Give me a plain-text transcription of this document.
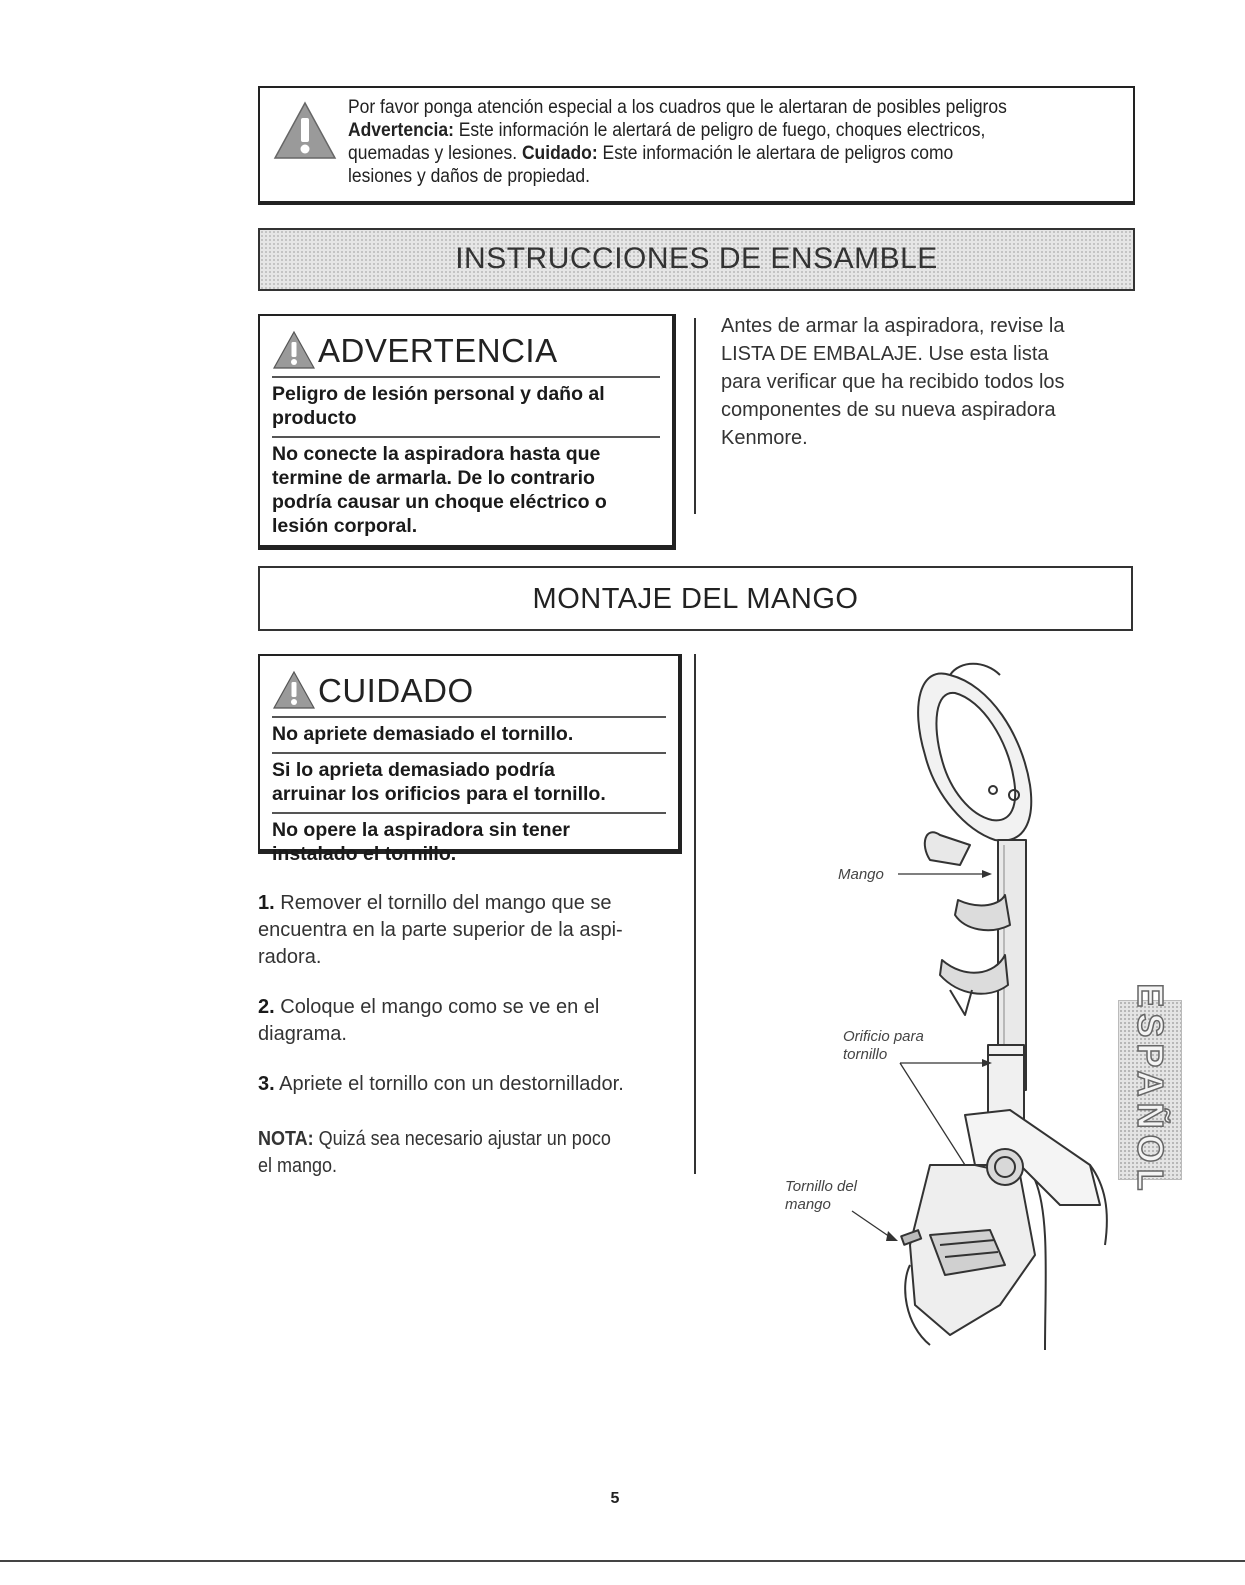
Por favor ponga atención especial a los cuadros que le alertaran de posibles peligros
Advertencia: Este información le alertará de peligro de fuego, choques electricos,
quemadas y lesiones. Cuidado: Este información le alertara de peligros como
lesiones y daños de propiedad.
INSTRUCCIONES DE ENSAMBLE
ADVERTENCIA
Peligro de lesión personal y daño al
producto
No conecte la aspiradora hasta que
termine de armarla. De lo contrario
podría causar un choque eléctrico o
lesión corporal.
Antes de armar la aspiradora, revise la
LISTA DE EMBALAJE. Use esta lista
para verificar que ha recibido todos los
componentes de su nueva aspiradora
Kenmore.
MONTAJE DEL MANGO
CUIDADO
No apriete demasiado el tornillo.
Si lo aprieta demasiado podría
arruinar los orificios para el tornillo.
No opere la aspiradora sin tener
instalado el tornillo.
1. Remover el tornillo del mango que se
encuentra en la parte superior de la aspi-
radora.
2. Coloque el mango como se ve en el
diagrama.
3. Apriete el tornillo con un destornillador.
NOTA: Quizá sea necesario ajustar un poco
el mango.
Mango
Orificio para
tornillo
Tornillo del
mango
ESPAÑOL
5
